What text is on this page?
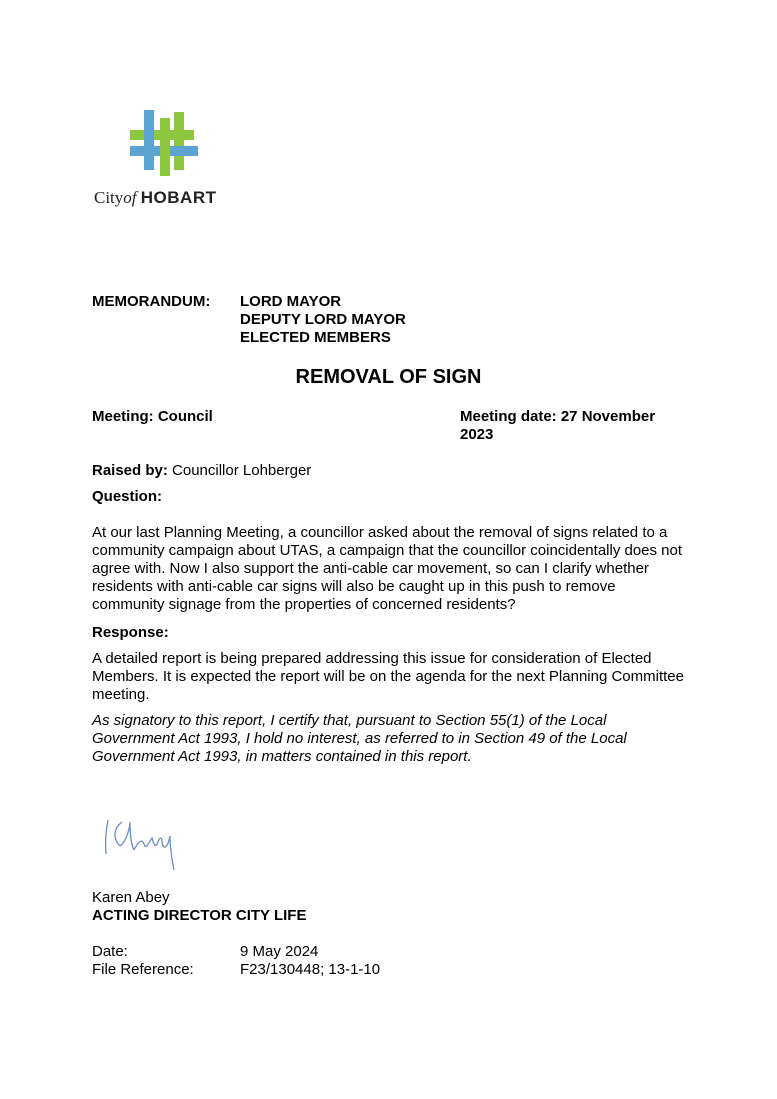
Cityof HOBART
MEMORANDUM: LORD MAYOR
DEPUTY LORD MAYOR
ELECTED MEMBERS
REMOVAL OF SIGN
Meeting: Council	Meeting date: 27 November 2023
Raised by: Councillor Lohberger
Question:
At our last Planning Meeting, a councillor asked about the removal of signs related to a community campaign about UTAS, a campaign that the councillor coincidentally does not agree with. Now I also support the anti-cable car movement, so can I clarify whether residents with anti-cable car signs will also be caught up in this push to remove community signage from the properties of concerned residents?
Response:
A detailed report is being prepared addressing this issue for consideration of Elected Members. It is expected the report will be on the agenda for the next Planning Committee meeting.
As signatory to this report, I certify that, pursuant to Section 55(1) of the Local Government Act 1993, I hold no interest, as referred to in Section 49 of the Local Government Act 1993, in matters contained in this report.
Karen Abey
ACTING DIRECTOR CITY LIFE
Date:	9 May 2024
File Reference:	F23/130448; 13-1-10
